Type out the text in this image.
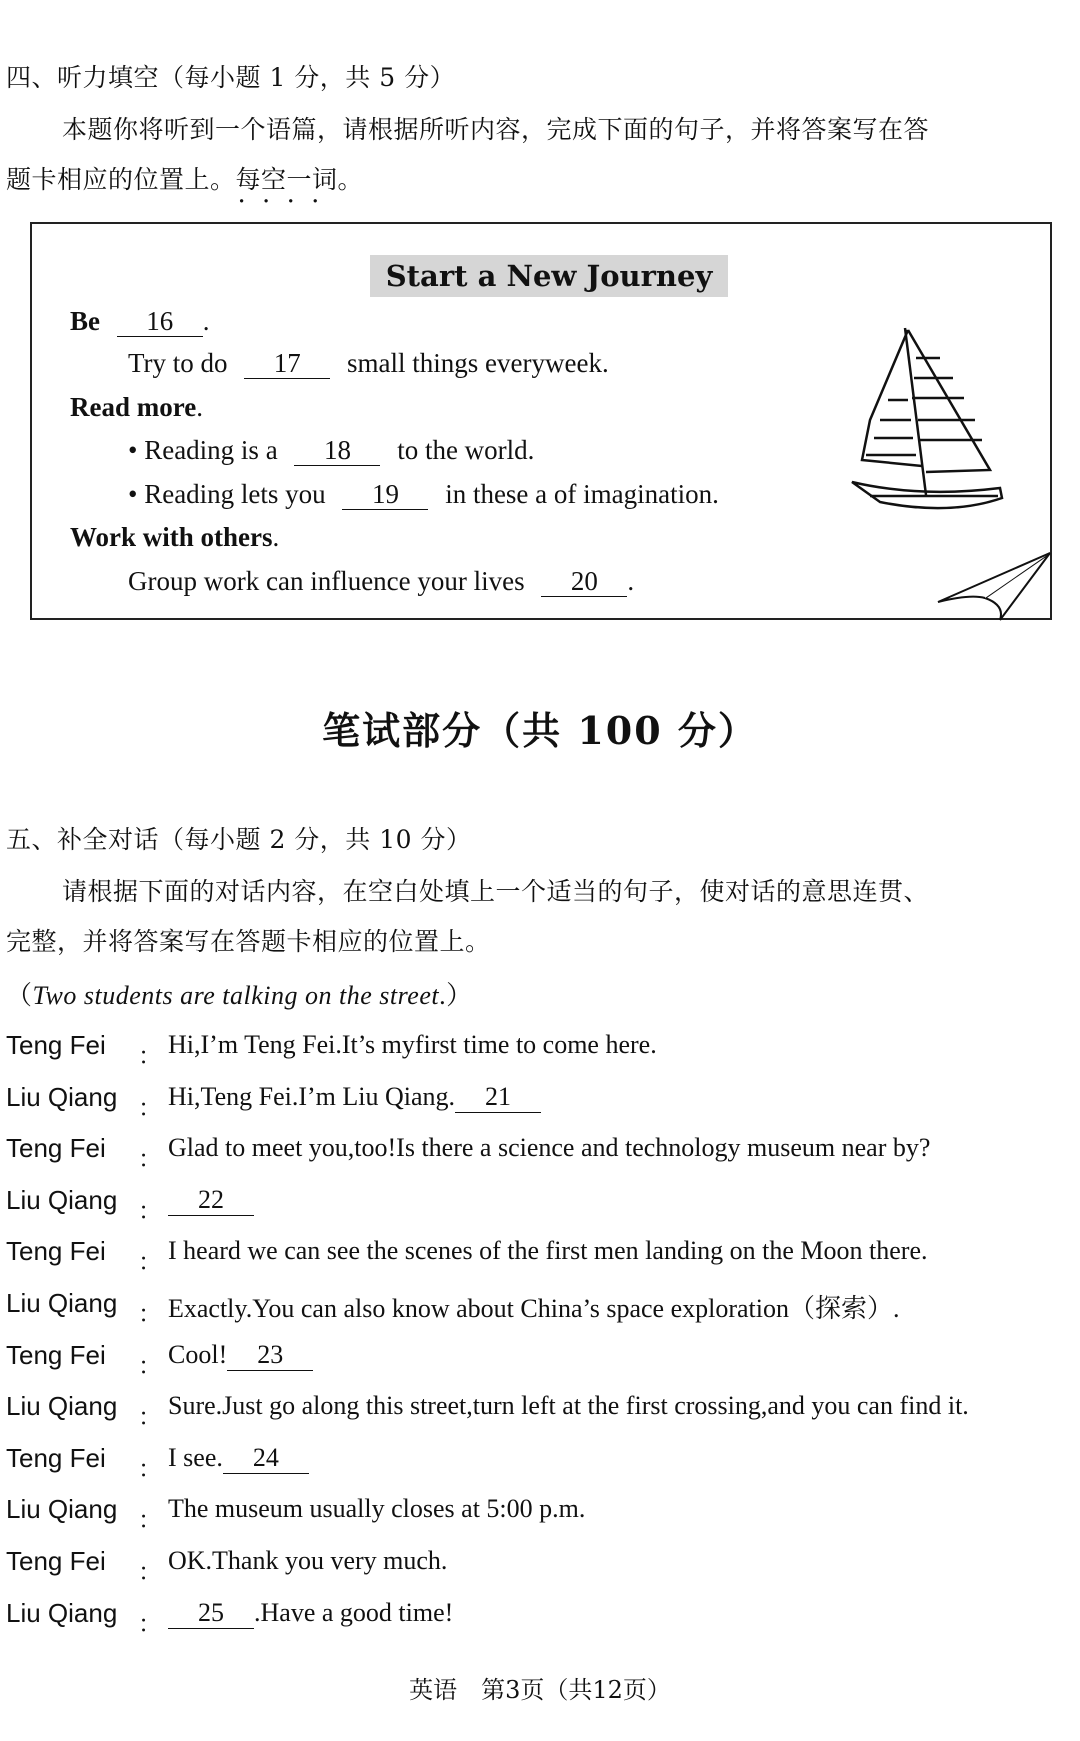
四、听力填空（每小题 1 分，共 5 分）
本题你将听到一个语篇，请根据所听内容，完成下面的句子，并将答案写在答
题卡相应的位置上。每空一词 · · · ·。
Start a New Journey
Be 16 .
Try to do 17 small things everyweek.
Read more.
• Reading is a 18 to the world.
• Reading lets you 19 in these a of imagination.
Work with others.
Group work can influence your lives 20 .
笔试部分（共 100 分）
五、补全对话（每小题 2 分，共 10 分）
请根据下面的对话内容，在空白处填上一个适当的句子，使对话的意思连贯、
完整，并将答案写在答题卡相应的位置上。
（Two students are talking on the street.）
Teng Fei ： Hi,I’m Teng Fei.It’s myfirst time to come here.
Liu Qiang ： Hi,Teng Fei.I’m Liu Qiang. 21
Teng Fei ： Glad to meet you,too!Is there a science and technology museum near by?
Liu Qiang ：	22
Teng Fei ： I heard we can see the scenes of the first men landing on the Moon there.
Liu Qiang ： Exactly.You can also know about China’s space exploration（探索）.
Teng Fei ： Cool! 23
Liu Qiang ： Sure.Just go along this street,turn left at the first crossing,and you can find it.
Teng Fei ： I see. 24
Liu Qiang ： The museum usually closes at 5:00 p.m.
Teng Fei ： OK.Thank you very much.
Liu Qiang ：	25 .Have a good time!
英语　第3页（共12页）
